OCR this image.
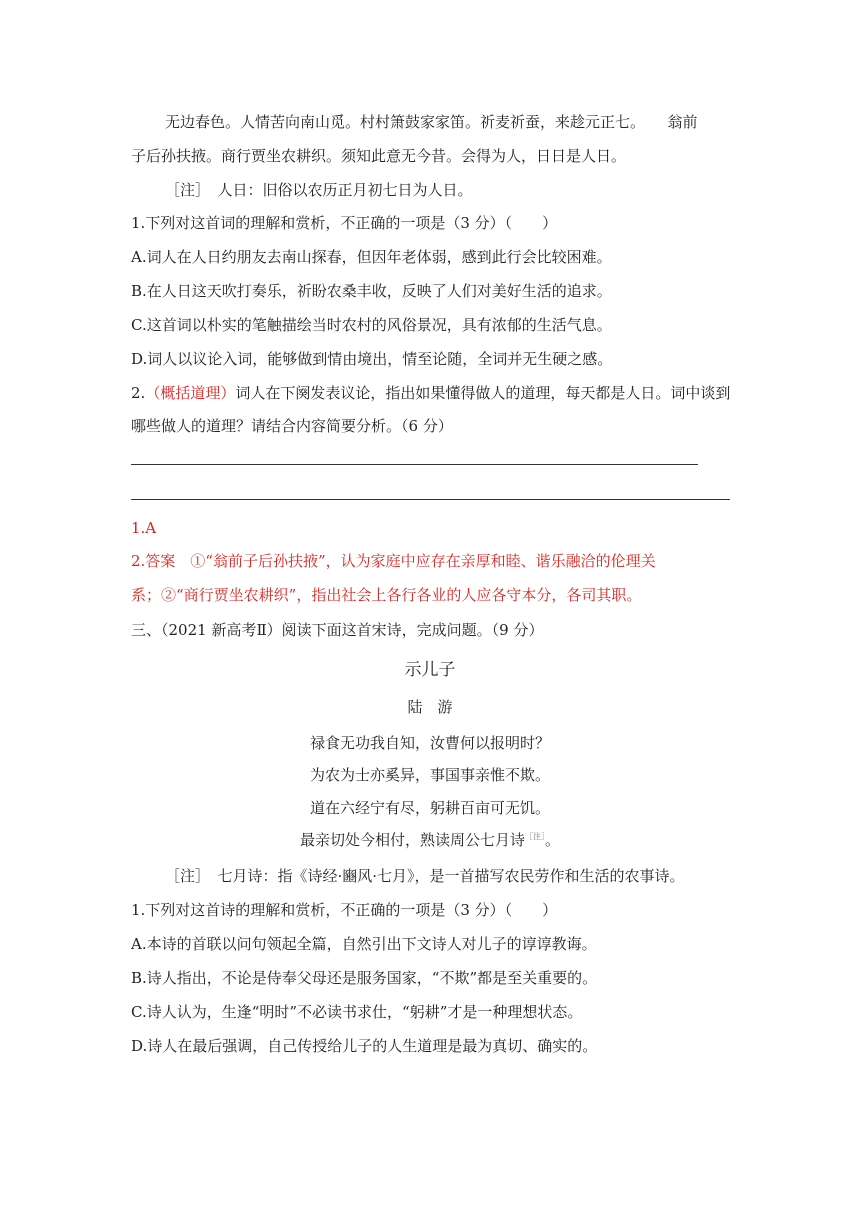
无边春色。人情苦向南山觅。村村箫鼓家家笛。祈麦祈蚕，来趁元正七。　　翁前
子后孙扶掖。商行贾坐农耕织。须知此意无今昔。会得为人，日日是人日。
［注］　人日：旧俗以农历正月初七日为人日。
1.下列对这首词的理解和赏析，不正确的一项是（3 分）（　　）
A.词人在人日约朋友去南山探春，但因年老体弱，感到此行会比较困难。
B.在人日这天吹打奏乐，祈盼农桑丰收，反映了人们对美好生活的追求。
C.这首词以朴实的笔触描绘当时农村的风俗景况，具有浓郁的生活气息。
D.词人以议论入词，能够做到情由境出，情至论随，全词并无生硬之感。
2.（概括道理）词人在下阕发表议论，指出如果懂得做人的道理，每天都是人日。词中谈到
哪些做人的道理？请结合内容简要分析。（6 分）
1.A
2.答案　①“翁前子后孙扶掖”，认为家庭中应存在亲厚和睦、谐乐融洽的伦理关
系；②“商行贾坐农耕织”，指出社会上各行各业的人应各守本分，各司其职。
三、（2021 新高考Ⅱ）阅读下面这首宋诗，完成问题。（9 分）
示儿子
陆　游
禄食无功我自知，汝曹何以报明时？
为农为士亦奚异，事国事亲惟不欺。
道在六经宁有尽，躬耕百亩可无饥。
最亲切处今相付，熟读周公七月诗$^{[注]}$。
［注］　七月诗：指《诗经·豳风·七月》，是一首描写农民劳作和生活的农事诗。
1.下列对这首诗的理解和赏析，不正确的一项是（3 分）（　　）
A.本诗的首联以问句领起全篇，自然引出下文诗人对儿子的谆谆教诲。
B.诗人指出，不论是侍奉父母还是服务国家，“不欺”都是至关重要的。
C.诗人认为，生逢“明时”不必读书求仕，“躬耕”才是一种理想状态。
D.诗人在最后强调，自己传授给儿子的人生道理是最为真切、确实的。
